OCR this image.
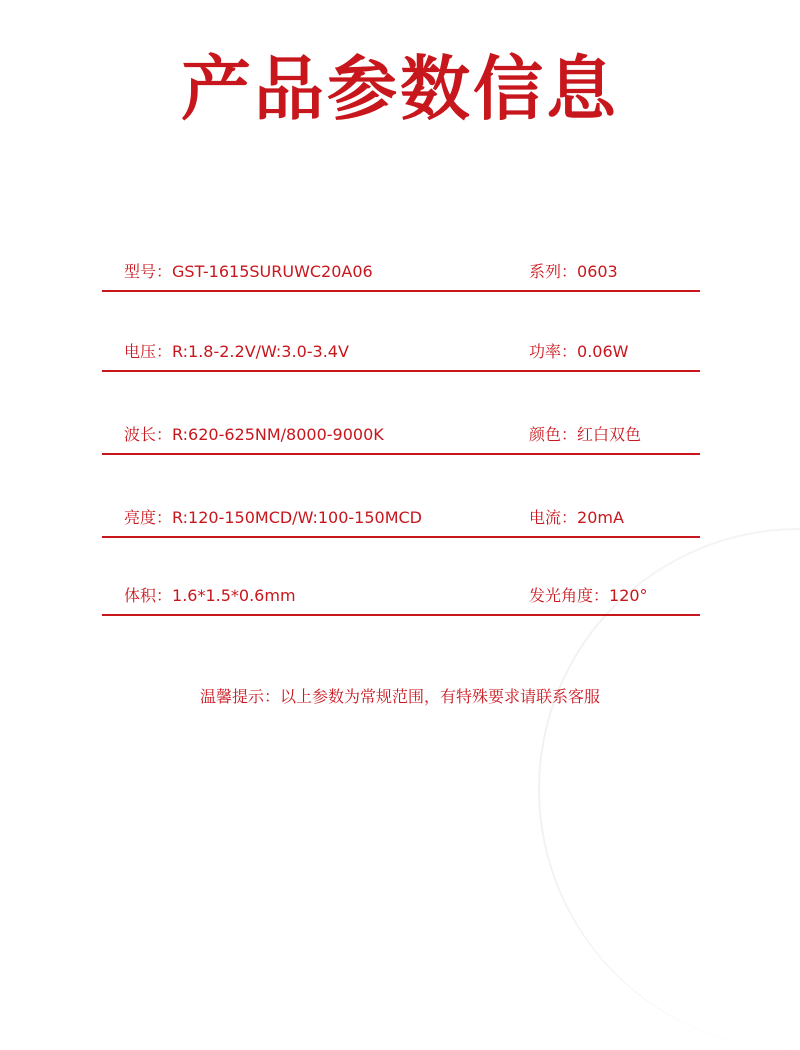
产品参数信息
型号：GST-1615SURUWC20A06	系列：0603
电压：R:1.8-2.2V/W:3.0-3.4V	功率：0.06W
波长：R:620-625NM/8000-9000K	颜色：红白双色
亮度：R:120-150MCD/W:100-150MCD	电流：20mA
体积：1.6*1.5*0.6mm	发光角度：120°
温馨提示：以上参数为常规范围，有特殊要求请联系客服
